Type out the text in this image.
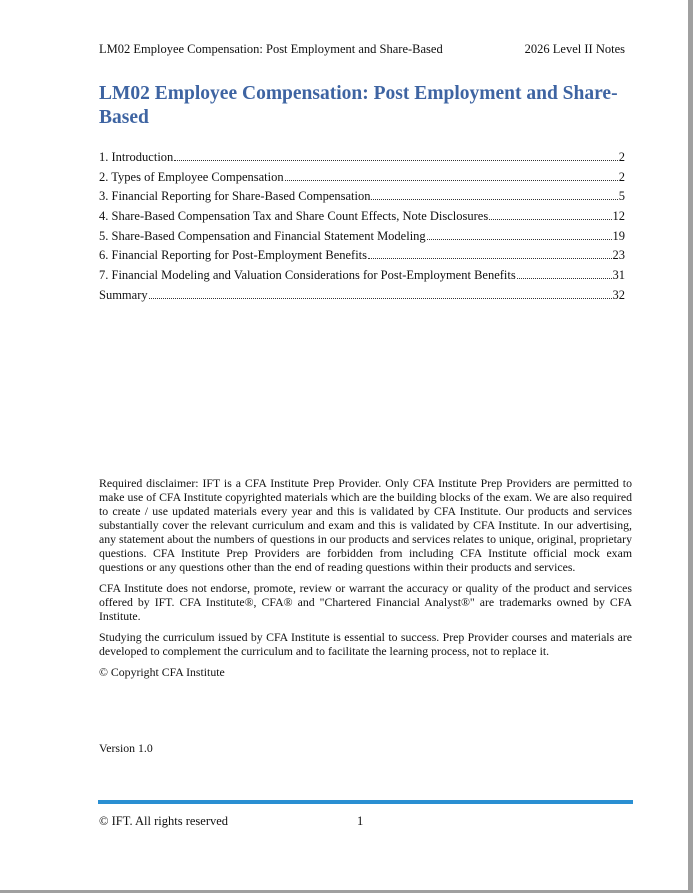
LM02 Employee Compensation: Post Employment and Share-Based	2026 Level II Notes
LM02 Employee Compensation: Post Employment and Share-Based
1. Introduction	2
2. Types of Employee Compensation	2
3. Financial Reporting for Share-Based Compensation	5
4. Share-Based Compensation Tax and Share Count Effects, Note Disclosures	12
5. Share-Based Compensation and Financial Statement Modeling	19
6. Financial Reporting for Post-Employment Benefits	23
7. Financial Modeling and Valuation Considerations for Post-Employment Benefits	31
Summary	32

Required disclaimer: IFT is a CFA Institute Prep Provider. Only CFA Institute Prep Providers are permitted to make use of CFA Institute copyrighted materials which are the building blocks of the exam. We are also required to create / use updated materials every year and this is validated by CFA Institute. Our products and services substantially cover the relevant curriculum and exam and this is validated by CFA Institute. In our advertising, any statement about the numbers of questions in our products and services relates to unique, original, proprietary questions. CFA Institute Prep Providers are forbidden from including CFA Institute official mock exam questions or any questions other than the end of reading questions within their products and services.

CFA Institute does not endorse, promote, review or warrant the accuracy or quality of the product and services offered by IFT. CFA Institute®, CFA® and "Chartered Financial Analyst®" are trademarks owned by CFA Institute.

Studying the curriculum issued by CFA Institute is essential to success. Prep Provider courses and materials are developed to complement the curriculum and to facilitate the learning process, not to replace it.

© Copyright CFA Institute

Version 1.0
© IFT. All rights reserved	1
